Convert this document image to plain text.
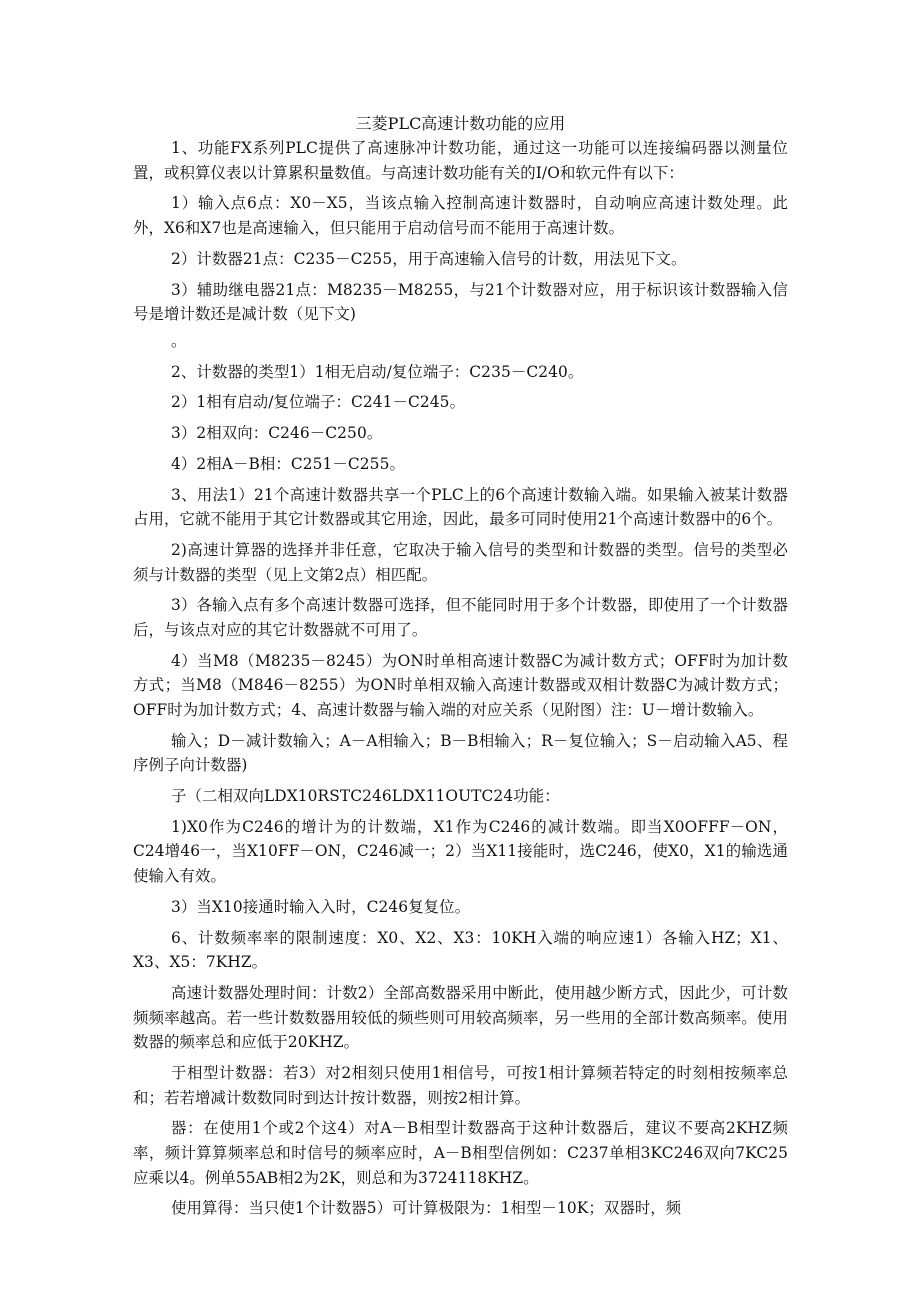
三菱PLC高速计数功能的应用

1、功能FX系列PLC提供了高速脉冲计数功能，通过这一功能可以连接编码器以测量位置，或积算仪表以计算累积量数值。与高速计数功能有关的I/O和软元件有以下：

1）输入点6点：X0－X5，当该点输入控制高速计数器时，自动响应高速计数处理。此外，X6和X7也是高速输入，但只能用于启动信号而不能用于高速计数。

2）计数器21点：C235－C255，用于高速输入信号的计数，用法见下文。

3）辅助继电器21点：M8235－M8255，与21个计数器对应，用于标识该计数器输入信号是增计数还是减计数（见下文)

。

2、计数器的类型1）1相无启动/复位端子：C235－C240。

2）1相有启动/复位端子：C241－C245。

3）2相双向：C246－C250。

4）2相A－B相：C251－C255。

3、用法1）21个高速计数器共享一个PLC上的6个高速计数输入端。如果输入被某计数器占用，它就不能用于其它计数器或其它用途，因此，最多可同时使用21个高速计数器中的6个。

2)高速计算器的选择并非任意，它取决于输入信号的类型和计数器的类型。信号的类型必须与计数器的类型（见上文第2点）相匹配。

3）各输入点有多个高速计数器可选择，但不能同时用于多个计数器，即使用了一个计数器后，与该点对应的其它计数器就不可用了。

4）当M8（M8235－8245）为ON时单相高速计数器C为减计数方式；OFF时为加计数方式；当M8（M846－8255）为ON时单相双输入高速计数器或双相计数器C为减计数方式；OFF时为加计数方式；4、高速计数器与输入端的对应关系（见附图）注：U－增计数输入。

输入；D－减计数输入；A－A相输入；B－B相输入；R－复位输入；S－启动输入A5、程序例子向计数器)

子（二相双向LDX10RSTC246LDX11OUTC24功能：

1)X0作为C246的增计为的计数端，X1作为C246的减计数端。即当X0OFFF－ON，C24增46一，当X10FF－ON，C246减一；2）当X11接能时，选C246，使X0，X1的输选通使输入有效。

3）当X10接通时输入入时，C246复复位。

6、计数频率率的限制速度：X0、X2、X3：10KH入端的响应速1）各输入HZ；X1、X3、X5：7KHZ。

高速计数器处理时间：计数2）全部高数器采用中断此，使用越少断方式，因此少，可计数频频率越高。若一些计数数器用较低的频些则可用较高频率，另一些用的全部计数高频率。使用数器的频率总和应低于20KHZ。

于相型计数器：若3）对2相刻只使用1相信号，可按1相计算频若特定的时刻相按频率总和；若若增减计数数同时到达计按计数器，则按2相计算。

器：在使用1个或2个这4）对A－B相型计数器高于这种计数器后，建议不要高2KHZ频率，频计算算频率总和时信号的频率应时，A－B相型信例如：C237单相3KC246双向7KC25应乘以4。例单55AB相2为2K，则总和为3724118KHZ。

使用算得：当只使1个计数器5）可计算极限为：1相型－10K；双器时，频
